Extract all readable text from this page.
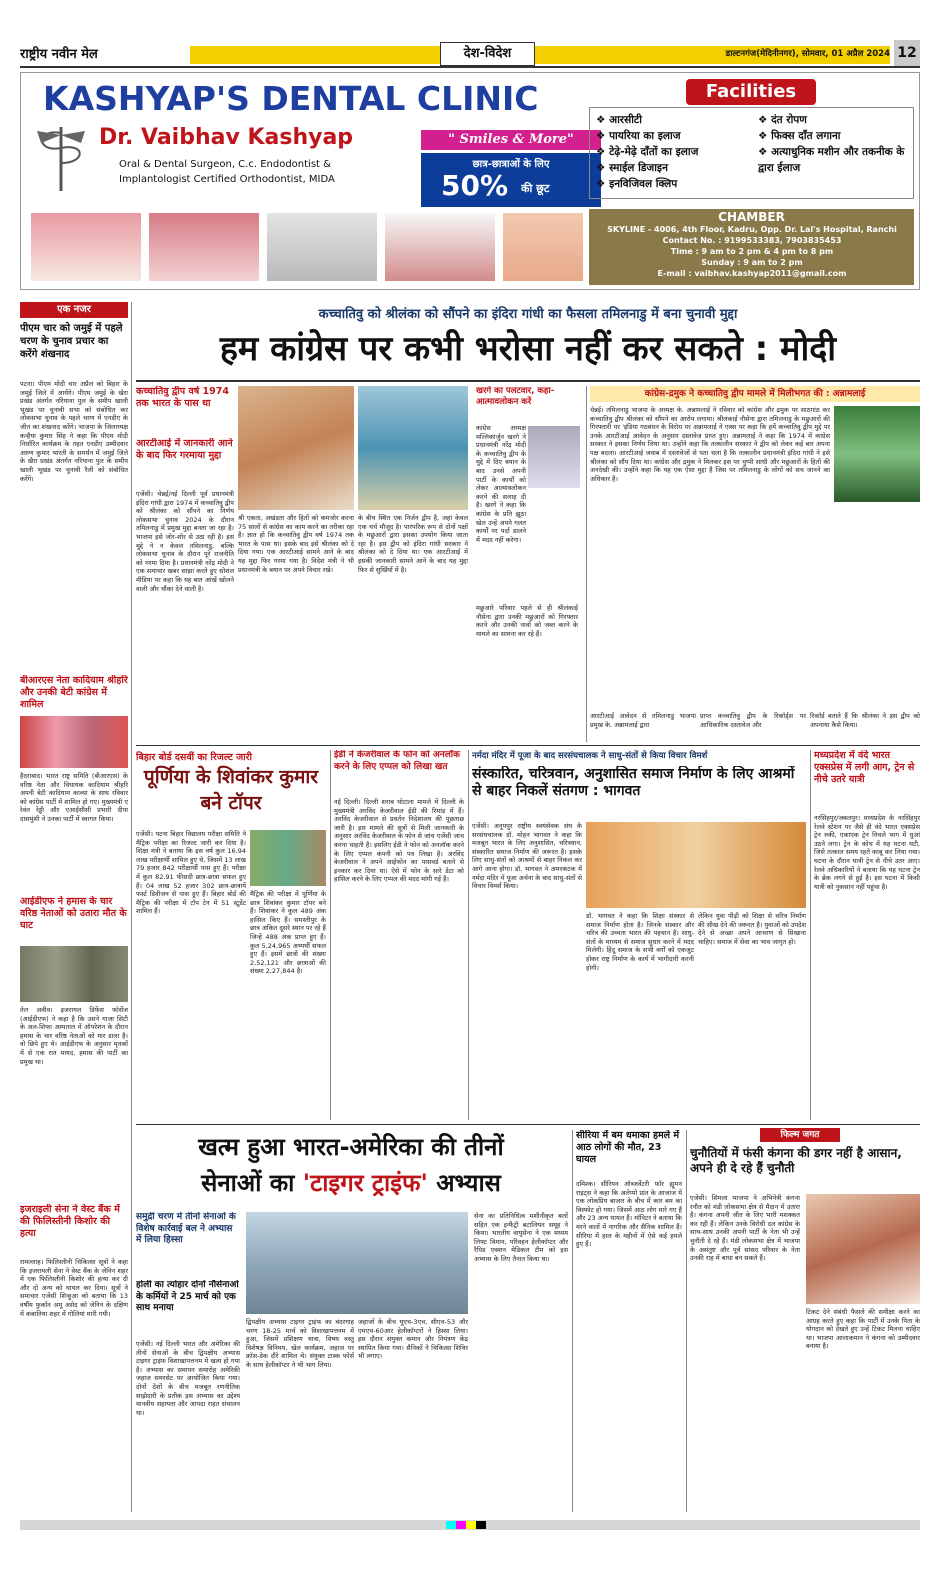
राष्ट्रीय नवीन मेल	देश-विदेश	डाल्टनगंज(मेदिनीनगर), सोमवार, 01 अप्रैल 2024 12
KASHYAP'S DENTAL CLINIC
Dr. Vaibhav Kashyap
Oral & Dental Surgeon, C.c. Endodontist &
Implantologist Certified Orthodontist, MIDA
" Smiles & More"
छात्र-छात्राओं के लिए
50%	की छूट
Facilities
❖ आरसीटी
❖ पायरिया का इलाज
❖ टेढ़े-मेढ़े दाँतों का इलाज
❖ स्माईल डिजाइन
❖ इनविजिवल क्लिप
❖ दंत रोपण
❖ फिक्स दाँत लगाना
❖ अत्याधुनिक मशीन और तकनीक के द्वारा ईलाज
CHAMBER
SKYLINE - 4006, 4th Floor, Kadru, Opp. Dr. Lal's Hospital, Ranchi
Contact No. : 9199533383, 7903835453
Time : 9 am to 2 pm & 4 pm to 8 pm
Sunday : 9 am to 2 pm
E-mail : vaibhav.kashyap2011@gmail.com
एक नजर
पीएम चार को जमुई में पहले चरण के चुनाव प्रचार का करेंगे शंखनाद
पटना। पीएम मोदी चार अप्रैल को बिहार के जमुई जिले में आयेंगे। पीएम जमुई के खेरा प्रखंड अंतर्गत नरियाना पुल के समीप खाली भूखंड पर चुनावी सभा को संबोधित कर लोकसभा चुनाव के पहले चरण में एनडीए के जीत का शंखनाद करेंगे। भाजपा के जिलाध्यक्ष कन्हैया कुमार सिंह ने कहा कि पीएम मोदी निर्धारित कार्यक्रम के तहत एनडीए उम्मीदवार अरुण कुमार भारती के समर्थन में जमुई जिले के खैरा प्रखंड अंतर्गत नरियाना पुल के समीप खाली भूखंड पर चुनावी रैली को संबोधित करेंगे।
बीआरएस नेता कादियाम श्रीहरि और उनकी बेटी कांग्रेस में शामिल
हैदराबाद। भारत राष्ट्र समिति (बीआरएस) के वरिष्ठ नेता और विधायक कादियाम श्रीहरि अपनी बेटी कादियाम काव्या के साथ रविवार को कांग्रेस पार्टी में शामिल हो गए। मुख्यमंत्री ए रेवंत रेड्डी और एआईसीसी प्रभारी दीपा दासमुंशी ने उनका पार्टी में स्वागत किया।
आईडीएफ ने हमास के चार वरिष्ठ नेताओं को उतारा मौत के घाट
तेल अवीव। इजरायल डिफेंस फोर्सेज (आईडीएफ) ने कहा है कि उसने गाजा सिटी के अल-शिफा अस्पताल में ऑपरेशन के दौरान हमास के चार वरिष्ठ नेताओं को मार डाला है। वो छिपे हुए थे। आईडीएफ के अनुसार मृतकों में से एक रात मायद, हमास की पार्टी का प्रमुख था।
इजराइली सेना ने वेस्ट बैंक में की फिलिस्तीनी किशोर की हत्या
रामल्लाह। फिलिस्तीनी चिकित्सा सूत्रों ने कहा कि इजरायली सेना ने वेस्ट बैंक के जेनिन शहर में एक फिलिस्तीनी किशोर की हत्या कर दी और दो अन्य को घायल कर दिया। सूत्रों ने समाचार एजेंसी शिन्हुआ को बताया कि 13 वर्षीय फुर्कान अमू असेद को जेनिन के दक्षिण में कबातिया शहर में गोलियां मारी गयी।
कच्चातिवु को श्रीलंका को सौंपने का इंदिरा गांधी का फैसला तमिलनाडु में बना चुनावी मुद्दा
हम कांग्रेस पर कभी भरोसा नहीं कर सकते : मोदी
कच्चातिवु द्वीप वर्ष 1974 तक भारत के पास था
आरटीआई में जानकारी आने के बाद फिर गरमाया मुद्दा
एजेंसी। चेन्नई/नई दिल्ली पूर्व प्रधानमंत्री इंदिरा गांधी द्वारा 1974 में कच्चातिवु द्वीप को श्रीलंका को सौंपने का निर्णय लोकसभा चुनाव 2024 के दौरान तमिलनाडु में प्रमुख मुद्दा बनता जा रहा है। भाजपा इसे जोर-शोर से उठा रही है। इस मुद्दे ने न केवल तमिलनाडु, बल्कि लोकसभा चुनाव के दौरान पूरे राजनीति को गरमा दिया है। प्रधानमंत्री नरेंद्र मोदी ने एक समाचार खबर साझा करते हुए सोशल मीडिया पर कहा कि यह बात आंखें खोलने वाली और चौंका देने वाली है।
श्री एकता, अखंडता और हितों को कमजोर करना 75 सालों से कांग्रेस का काम करने का तरीका रहा है। ज्ञात हो कि कच्चातिवु द्वीप वर्ष 1974 तक भारत के पास था। इसके बाद इसे श्रीलंका को दे दिया गया। एक आरटीआई सामने आने के बाद यह मुद्दा फिर गरमा गया है। विदेश मंत्री ने भी प्रधानमंत्री के बयान पर अपने विचार रखे।
के बीच स्थित एक निर्जन द्वीप है, जहां केवल एक चर्च मौजूद है। पारंपरिक रूप से दोनों पक्षों के मछुआरों द्वारा इसका उपयोग किया जाता रहा है। इस द्वीप को इंदिरा गांधी सरकार ने श्रीलंका को दे दिया था। एक आरटीआई में इसकी जानकारी सामने आने के बाद यह मुद्दा फिर से सुर्खियों में है।
खरगे का पलटवार, कहा- आत्मावलोकन करें
कांग्रेस अध्यक्ष मल्लिकार्जुन खरगे ने प्रधानमंत्री नरेंद्र मोदी के कच्चातिवु द्वीप के मुद्दे में दिए बयान के बाद उनसे अपनी पार्टी के कार्यों को लेकर आत्मावलोकन करने की सलाह दी है। खरगे ने कहा कि कांग्रेस के प्रति झूठा खेल उन्हें अपने गलत कार्यों पर पर्दा डालने में मदद नहीं करेगा।
मछुआरे परिवार पहले से ही श्रीलंकाई नौसेना द्वारा उनकी मछुआरों को गिरफ्तार करने और उनकी नावों को जब्त करने के मामले का सामना कर रहे हैं।
कांग्रेस-द्रमुक ने कच्चातिवु द्वीप मामले में मिलीभगत की : अन्नामलाई
चेन्नई। तमिलनाडु भाजपा के अध्यक्ष के. अन्नामलाई ने रविवार को कांग्रेस और द्रमुक पर साठगांठ कर कच्चातिवु द्वीप श्रीलंका को सौंपने का आरोप लगाया। श्रीलंकाई नौसेना द्वारा तमिलनाडु के मछुआरों की गिरफ्तारी पर 'इंडिया गठबंधन के विरोध पर अन्नामलाई ने एक्स पर कहा कि हमें कच्चातिवु द्वीप मुद्दे पर उनके आरटीआई आवेदन के अनुसार दस्तावेज प्राप्त हुए। अन्नामलाई ने कहा कि 1974 में कांग्रेस सरकार ने इसका निर्णय लिया था। उन्होंने कहा कि तत्कालीन सरकार ने द्वीप को लेकर कई बार अपना पक्ष बदला। आरटीआई जवाब में दस्तावेजों से पता चला है कि तत्कालीन प्रधानमंत्री इंदिरा गांधी ने इसे श्रीलंका को सौंप दिया था। कांग्रेस और द्रमुक ने मिलकर इस पर चुप्पी साधी और मछुआरों के हितों की अनदेखी की। उन्होंने कहा कि यह एक ऐसा मुद्दा है जिस पर तमिलनाडु के लोगों को सच जानने का अधिकार है।
आरटीआई आवेदन से तमिलनाडु भाजपा प्रमुख के. अन्नामलाई द्वारा
प्राप्त कच्चातिवु द्वीप के रिकॉर्ड्स पर आधिकारिक दस्तावेज और
रिकॉर्ड बताते हैं कि श्रीलंका ने इस द्वीप को अपनाया कैसे किया।
बिहार बोर्ड दसवीं का रिजल्ट जारी
पूर्णिया के शिवांकर कुमार बने टॉपर
एजेंसी। पटना बिहार विद्यालय परीक्षा समिति ने मैट्रिक परीक्षा का रिजल्ट जारी कर दिया है। शिक्षा मंत्री ने बताया कि इस वर्ष कुल 16.94 लाख परीक्षार्थी शामिल हुए थे, जिसमें 13 लाख 79 हजार 842 परीक्षार्थी पास हुए हैं। परीक्षा में कुल 82.91 फीसदी छात्र-छात्रा सफल हुए हैं। 04 लाख 52 हजार 302 छात्र-छात्रायें फर्स्ट डिवीजन से पास हुए हैं। बिहार बोर्ड की मैट्रिक की परीक्षा में टॉप टेन में 51 स्टूडेंट शामिल हैं।
मैट्रिक की परीक्षा में पूर्णिया के छात्र शिवांकर कुमार टॉपर बने हैं। शिवांकर ने कुल 489 अंक हासिल किए हैं। समस्तीपुर के छात्र अंकित दूसरे स्थान पर रहे हैं जिन्हें 488 अंक प्राप्त हुए हैं। कुल 5,24,965 अभ्यर्थी सफल हुए हैं। इसमें छात्रों की संख्या 2,52,121 और छात्राओं की संख्या 2,27,844 है।
ईडी ने केजरीवाल के फोन को अनलॉक करने के लिए एप्पल को लिखा खत
नई दिल्ली। दिल्ली शराब घोटाला मामले में दिल्ली के मुख्यमंत्री अरविंद केजरीवाल ईडी की रिमांड में हैं। अरविंद केजरीवाल से प्रवर्तन निदेशालय की पूछताछ जारी है। इस मामले की सूत्रों से मिली जानकारी के अनुसार अरविंद केजरीवाल के फोन से जांच एजेंसी जांच करना चाहती है। इसलिए ईडी ने फोन को अनलॉक करने के लिए एप्पल कंपनी को पत्र लिखा है। अरविंद केजरीवाल ने अपने आईफोन का पासवर्ड बताने से इनकार कर दिया था। ऐसे में फोन के सारे डेटा को हासिल करने के लिए एप्पल की मदद मांगी गई है।
नर्मदा मंदिर में पूजा के बाद सरसंघचालक ने साधु-संतों से किया विचार विमर्श
संस्कारित, चरित्रवान, अनुशासित समाज निर्माण के लिए आश्रमों से बाहर निकलें संतगण : भागवत
एजेंसी। अनूपपुर राष्ट्रीय स्वयंसेवक संघ के सरसंघचालक डॉ. मोहन भागवत ने कहा कि मजबूत भारत के लिए अनुशासित, चरित्रवान, संस्कारित समाज निर्माण की जरूरत है। इसके लिए साधु-संतों को आश्रमों से बाहर निकल कर आगे आना होगा। डॉ. भागवत ने अमरकंटक में नर्मदा मंदिर में पूजा अर्चना के बाद साधु-संतों से विचार विमर्श किया।
डॉ. भागवत ने कहा कि शिक्षा संस्कार से समाज निर्माण होता है। जिनके संस्कार और चरित्र की उच्चता भारत की पहचान है। साधु-संतों के माध्यम से समाज सुधार करने में मदद मिलेगी। हिंदू समाज के सभी वर्गों को एकजुट होकर राष्ट्र निर्माण के कार्य में भागीदारी करनी होगी।
लेकिन युवा पीढ़ी को शिक्षा से चरित्र निर्माण की सीख देने की जरूरत है। युवाओं को उपदेश देने से अच्छा अपने आचरण से सिखाना चाहिए। समाज में सेवा का भाव जागृत हो।
मध्यप्रदेश में वंदे भारत एक्सप्रेस में लगी आग, ट्रेन से नीचे उतरे यात्री
नरसिंहपुर/जबलपुर। मध्यप्रदेश के नरसिंहपुर रेलवे स्टेशन पर जैसे ही वंदे भारत एक्सप्रेस ट्रेन रुकी, एकाएक ट्रेन निचले भाग में धुआं उठने लगा। ट्रेन के कोच में यह घटना घटी, जिसे तत्काल समय रहते काबू कर लिया गया। घटना के दौरान यात्री ट्रेन से नीचे उतर आए। रेलवे अधिकारियों ने बताया कि यह घटना ट्रेन के ब्रेक लगने से हुई है। इस घटना में किसी यात्री को नुकसान नहीं पहुंचा है।
खत्म हुआ भारत-अमेरिका की तीनों
सेनाओं का 'टाइगर ट्राइंफ' अभ्यास
समुद्री चरण में तीनों सेनाओं के विशेष कार्रवाई बल ने अभ्यास में लिया हिस्सा
होली का त्योहार दोनों नौसेनाओं के कर्मियों ने 25 मार्च को एक साथ मनाया
एजेंसी। नई दिल्ली भारत और अमेरिका की तीनों सेनाओं के बीच द्विपक्षीय अभ्यास टाइगर ट्राइंफ विशाखापत्तनम में खत्म हो गया है। अभ्यास का समापन समारोह अमेरिकी जहाज समरसेट पर आयोजित किया गया। दोनों देशों के बीच मजबूत रणनीतिक साझेदारी के प्रतीक इस अभ्यास का उद्देश्य मानवीय सहायता और आपदा राहत संचालन था।
द्विपक्षीय अभ्यास टाइगर ट्राइंफ का बंदरगाह चरण 18-25 मार्च को विशाखापत्तनम में हुआ, जिसमें प्रशिक्षण यात्रा, विषय वस्तु विशेषज्ञ विनिमय, खेल कार्यक्रम, जहाज पर क्रॉस-डेक दौरे शामिल थे। संयुक्त टास्क फोर्स के साथ हेलीकॉप्टर ने भी भाग लिया।
जहाजों के बीच यूएच-3एच, सीएच-53 और एमएच-60आर हेलीकॉप्टरों ने हिस्सा लिया। इस दौरान संयुक्त कमान और नियंत्रण केंद्र स्थापित किया गया। सैनिकों ने चिकित्सा शिविर भी लगाए।
सेना का प्रतिनिधित्व मशीनीकृत बलों सहित एक इन्फैंट्री बटालियन समूह ने किया। भारतीय वायुसेना ने एक मध्यम लिफ्ट विमान, परिवहन हेलीकॉप्टर और रैपिड एक्शन मेडिकल टीम को इस अभ्यास के लिए तैनात किया था।
सीरिया में बम धमाका हमले में आठ लोगों की मौत, 23 घायल
दमिश्क। सीरियन ऑब्जर्वेटरी फॉर ह्यूमन राइट्स ने कहा कि अलेप्पो प्रांत के आजाज में एक लोकप्रिय बाजार के बीच में कार बम का विस्फोट हो गया। जिसमें आठ लोग मारे गए हैं और 23 अन्य घायल हैं। मॉनिटर ने बताया कि मरने वालों में नागरिक और सैनिक शामिल हैं। सीरिया में हाल के महीनों में ऐसे कई हमले हुए हैं।
फिल्म जगत
चुनौतियों में फंसी कंगना की डगर नहीं है आसान, अपने ही दे रहे हैं चुनौती
एजेंसी। शिमला भाजपा ने अभिनेत्री कंगना रनौत को मंडी लोकसभा क्षेत्र से मैदान में उतारा है। कंगना अपनी जीत के लिए भारी मशक्कत कर रही हैं। लेकिन उनके विरोधी दल कांग्रेस के साथ-साथ उनकी अपनी पार्टी के नेता भी उन्हें चुनौती दे रहे हैं। मंडी लोकसभा क्षेत्र में भाजपा के असंतुष्ट और पूर्व सांसद परिवार के नेता उनकी राह में बाधा बन सकते हैं।
टिकट देने संबंधी फैसले की समीक्षा करने का आग्रह करते हुए कहा कि पार्टी में उनके पिता के योगदान को देखते हुए उन्हें टिकट मिलना चाहिए था। भाजपा आलाकमान ने कंगना को उम्मीदवार बनाया है।
